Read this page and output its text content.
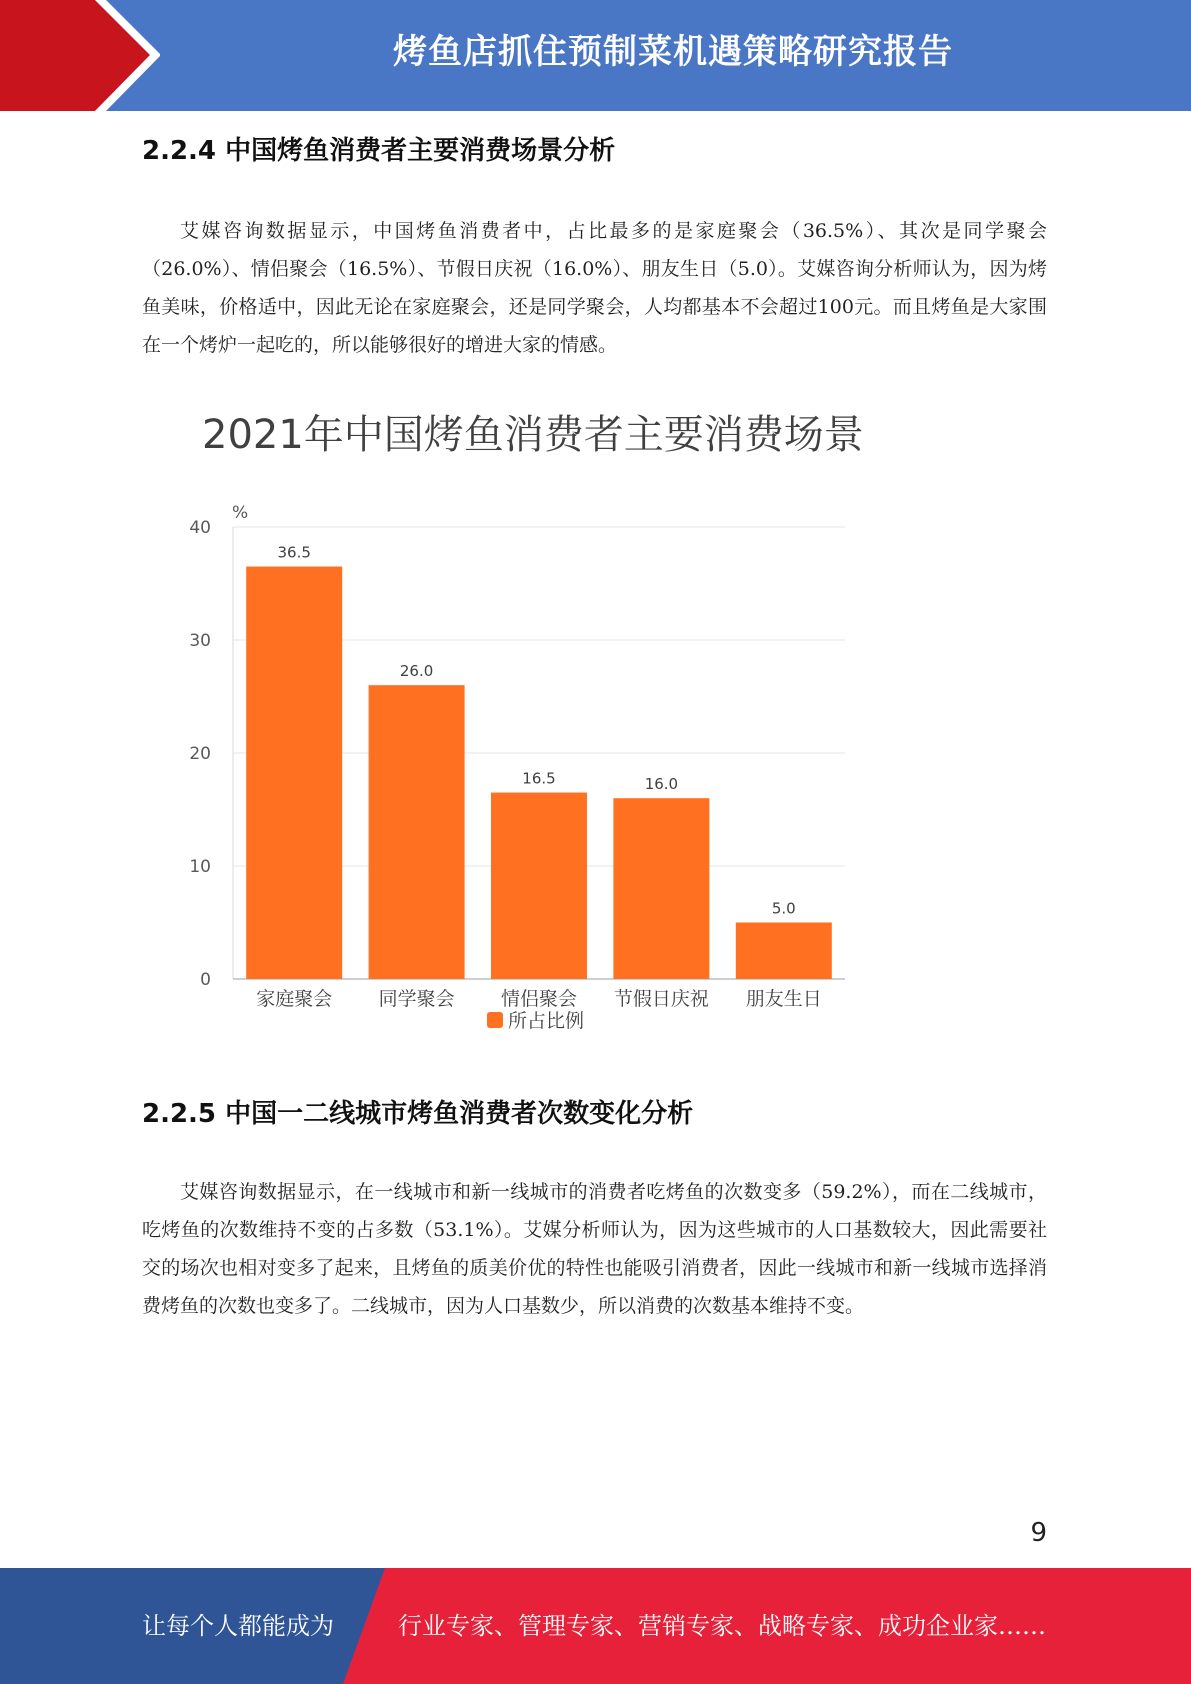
烤鱼店抓住预制菜机遇策略研究报告
2.2.4 中国烤鱼消费者主要消费场景分析

艾媒咨询数据显示，中国烤鱼消费者中，占比最多的是家庭聚会（36.5%）、其次是同学聚会（26.0%）、情侣聚会（16.5%）、节假日庆祝（16.0%）、朋友生日（5.0）。艾媒咨询分析师认为，因为烤鱼美味，价格适中，因此无论在家庭聚会，还是同学聚会，人均都基本不会超过100元。而且烤鱼是大家围在一个烤炉一起吃的，所以能够很好的增进大家的情感。

0
10
20
30
40
%
36.5
家庭聚会
26.0
同学聚会
16.5
情侣聚会
16.0
节假日庆祝
5.0
朋友生日
所占比例
2021年中国烤鱼消费者主要消费场景
2.2.5 中国一二线城市烤鱼消费者次数变化分析

艾媒咨询数据显示，在一线城市和新一线城市的消费者吃烤鱼的次数变多（59.2%），而在二线城市，吃烤鱼的次数维持不变的占多数（53.1%）。艾媒分析师认为，因为这些城市的人口基数较大，因此需要社交的场次也相对变多了起来，且烤鱼的质美价优的特性也能吸引消费者，因此一线城市和新一线城市选择消费烤鱼的次数也变多了。二线城市，因为人口基数少，所以消费的次数基本维持不变。

9
让每个人都能成为	行业专家、管理专家、营销专家、战略专家、成功企业家……
